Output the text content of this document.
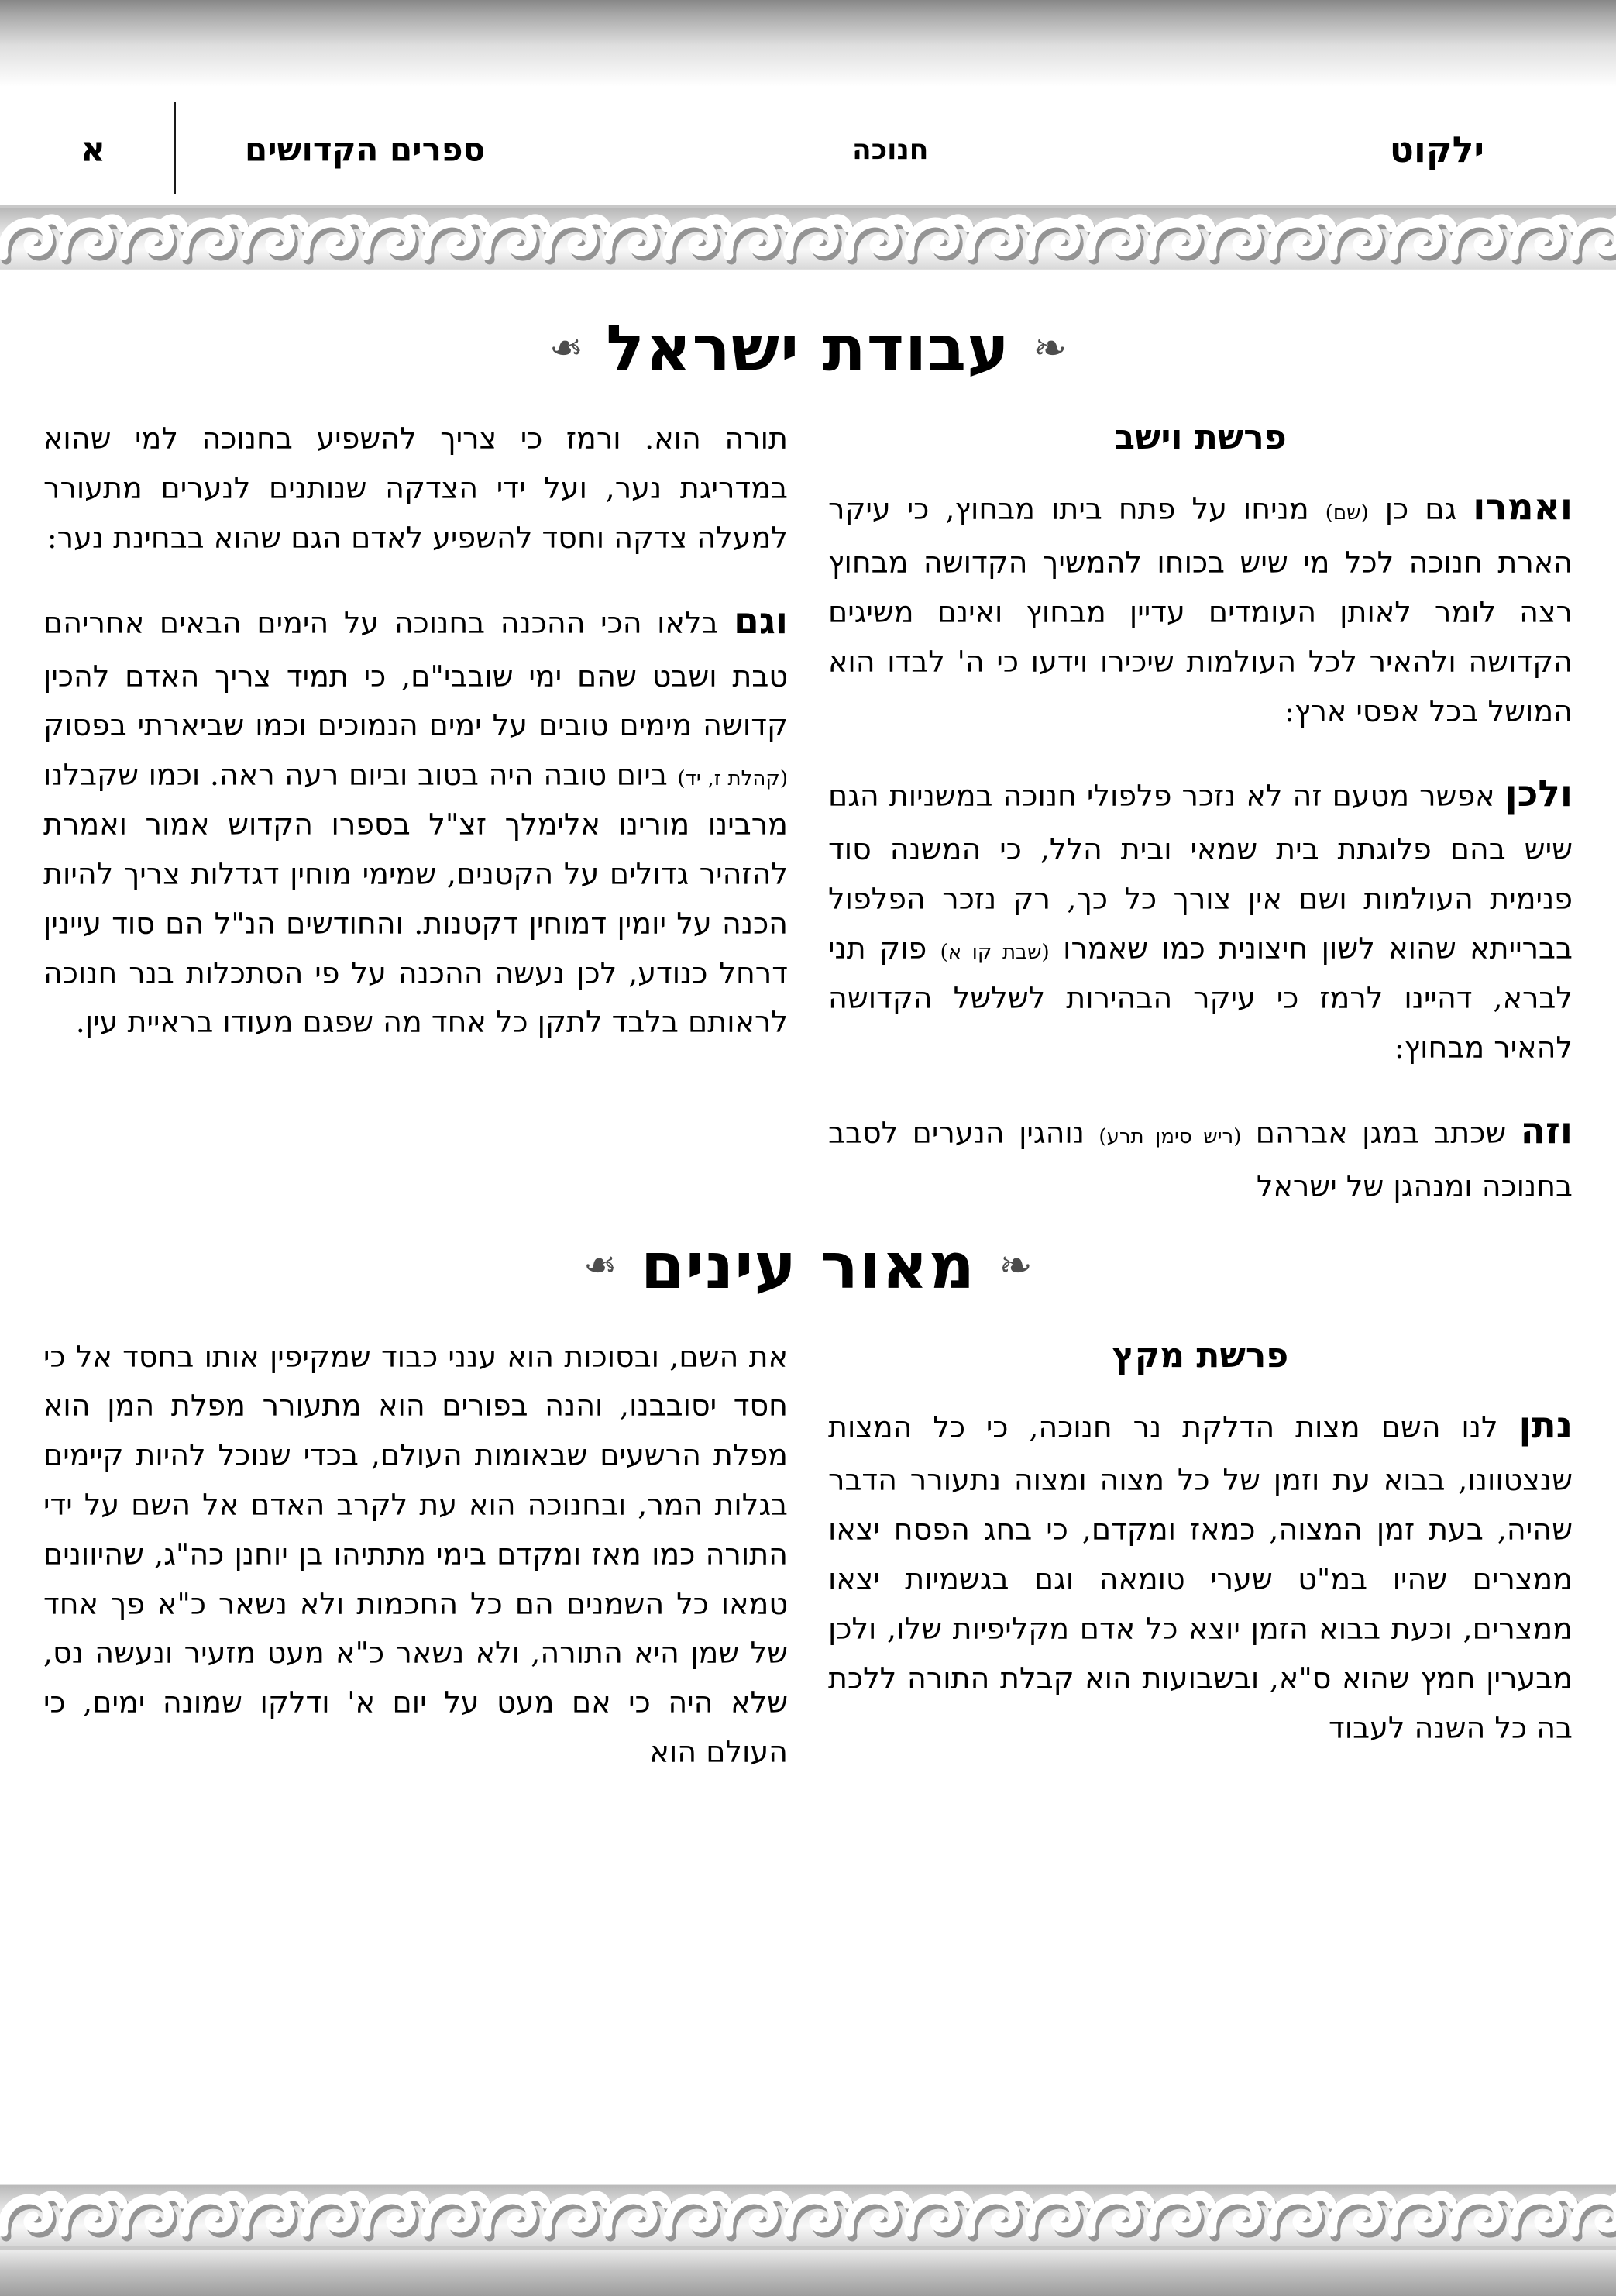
ילקוט
חנוכה
ספרים הקדושים
א
❧
עבודת ישראל
❧
פרשת וישב

ואמרו גם כן (שם) מניחו על פתח ביתו מבחוץ, כי עיקר הארת חנוכה לכל מי שיש בכוחו להמשיך הקדושה מבחוץ רצה לומר לאותן העומדים עדיין מבחוץ ואינם משיגים הקדושה ולהאיר לכל העולמות שיכירו וידעו כי ה' לבדו הוא המושל בכל אפסי ארץ:

ולכן אפשר מטעם זה לא נזכר פלפולי חנוכה במשניות הגם שיש בהם פלוגתת בית שמאי ובית הלל, כי המשנה סוד פנימית העולמות ושם אין צורך כל כך, רק נזכר הפלפול בברייתא שהוא לשון חיצונית כמו שאמרו (שבת קו א) פוק תני לברא, דהיינו לרמז כי עיקר הבהירות לשלשל הקדושה להאיר מבחוץ:

וזה שכתב במגן אברהם (ריש סימן תרע) נוהגין הנערים לסבב בחנוכה ומנהגן של ישראל

תורה הוא. ורמז כי צריך להשפיע בחנוכה למי שהוא במדריגת נער, ועל ידי הצדקה שנותנים לנערים מתעורר למעלה צדקה וחסד להשפיע לאדם הגם שהוא בבחינת נער:

וגם בלאו הכי ההכנה בחנוכה על הימים הבאים אחריהם טבת ושבט שהם ימי שובבי"ם, כי תמיד צריך האדם להכין קדושה מימים טובים על ימים הנמוכים וכמו שביארתי בפסוק (קהלת ז, יד) ביום טובה היה בטוב וביום רעה ראה. וכמו שקבלנו מרבינו מורינו אלימלך זצ"ל בספרו הקדוש אמור ואמרת להזהיר גדולים על הקטנים, שמימי מוחין דגדלות צריך להיות הכנה על יומין דמוחין דקטנות. והחודשים הנ"ל הם סוד עיינין דרחל כנודע, לכן נעשה ההכנה על פי הסתכלות בנר חנוכה לראותם בלבד לתקן כל אחד מה שפגם מעודו בראיית עין.

❧
מאור עינים
❧
פרשת מקץ

נתן לנו השם מצות הדלקת נר חנוכה, כי כל המצות שנצטוונו, בבוא עת וזמן של כל מצוה ומצוה נתעורר הדבר שהיה, בעת זמן המצוה, כמאז ומקדם, כי בחג הפסח יצאו ממצרים שהיו במ"ט שערי טומאה וגם בגשמיות יצאו ממצרים, וכעת בבוא הזמן יוצא כל אדם מקליפיות שלו, ולכן מבערין חמץ שהוא ס"א, ובשבועות הוא קבלת התורה ללכת בה כל השנה לעבוד

את השם, ובסוכות הוא ענני כבוד שמקיפין אותו בחסד אל כי חסד יסובבנו, והנה בפורים הוא מתעורר מפלת המן הוא מפלת הרשעים שבאומות העולם, בכדי שנוכל להיות קיימים בגלות המר, ובחנוכה הוא עת לקרב האדם אל השם על ידי התורה כמו מאז ומקדם בימי מתתיהו בן יוחנן כה"ג, שהיוונים טמאו כל השמנים הם כל החכמות ולא נשאר כ"א פך אחד של שמן היא התורה, ולא נשאר כ"א מעט מזעיר ונעשה נס, שלא היה כי אם מעט על יום א' ודלקו שמונה ימים, כי העולם הוא
